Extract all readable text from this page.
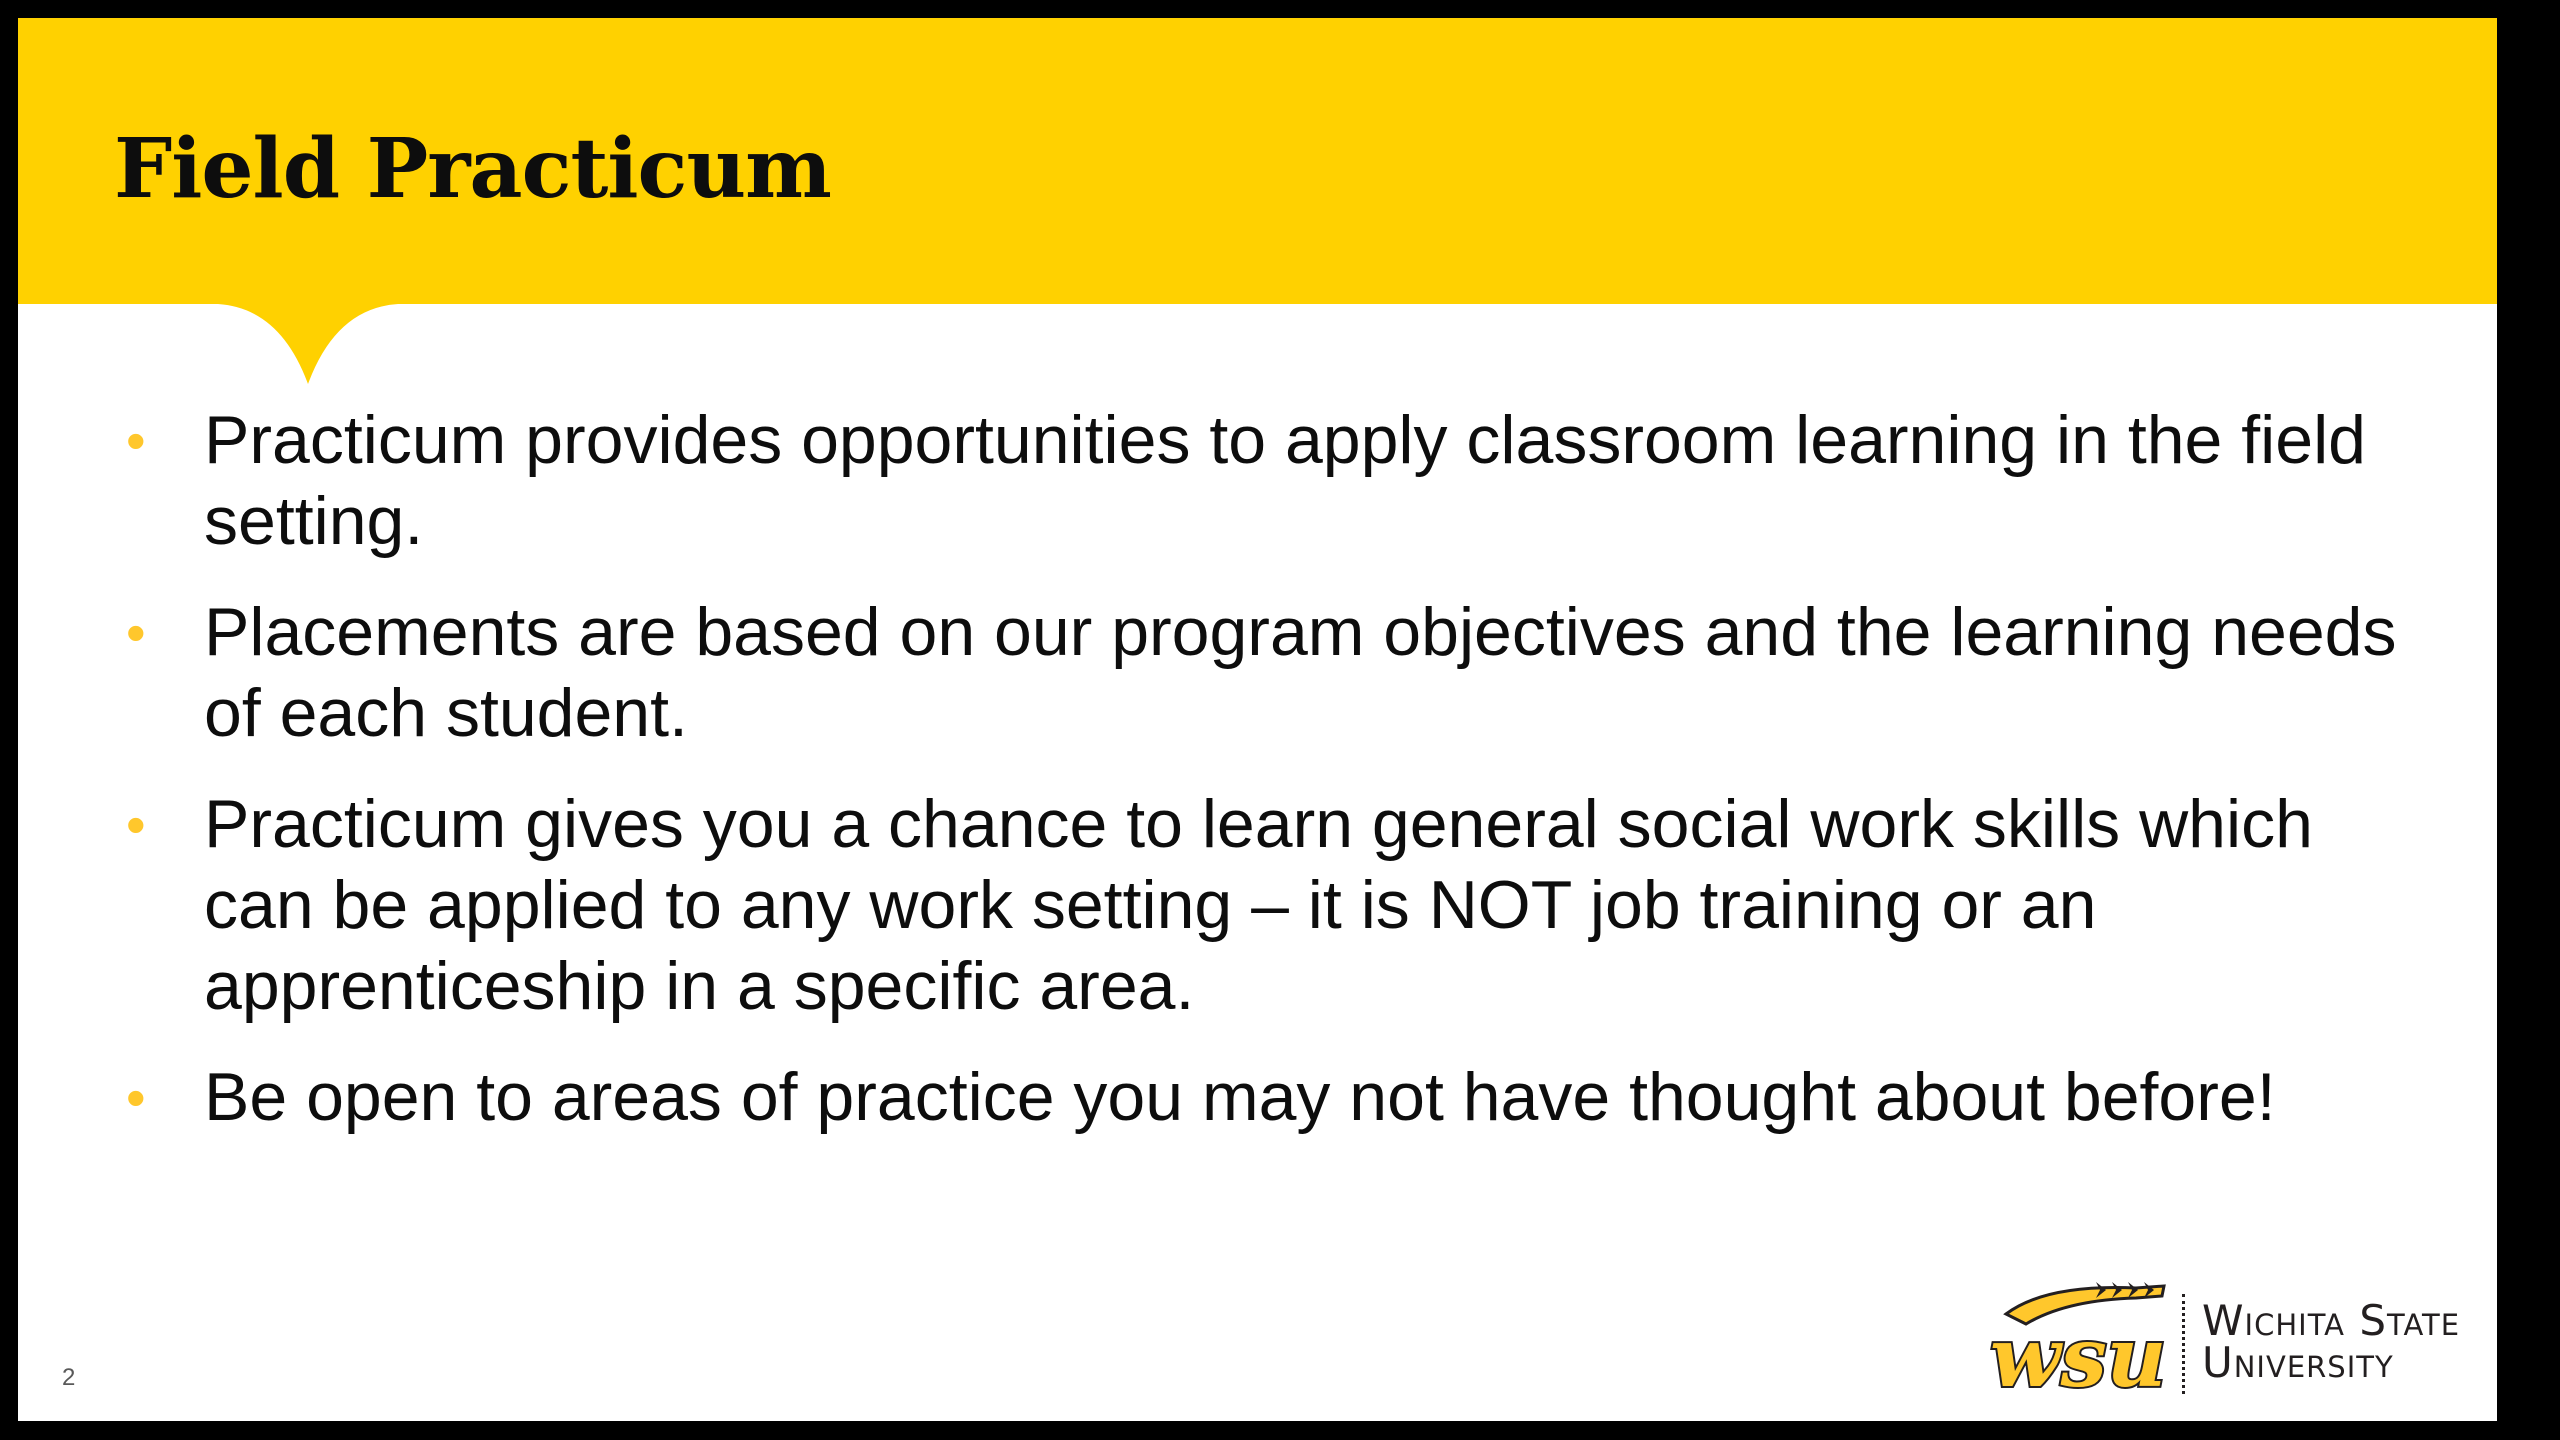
Field Practicum
• Practicum provides opportunities to apply classroom learning in the field setting.
• Placements are based on our program objectives and the learning needs of each student.
• Practicum gives you a chance to learn general social work skills which can be applied to any work setting – it is NOT job training or an apprenticeship in a specific area.
• Be open to areas of practice you may not have thought about before!
2	wsu Wichita State
University
